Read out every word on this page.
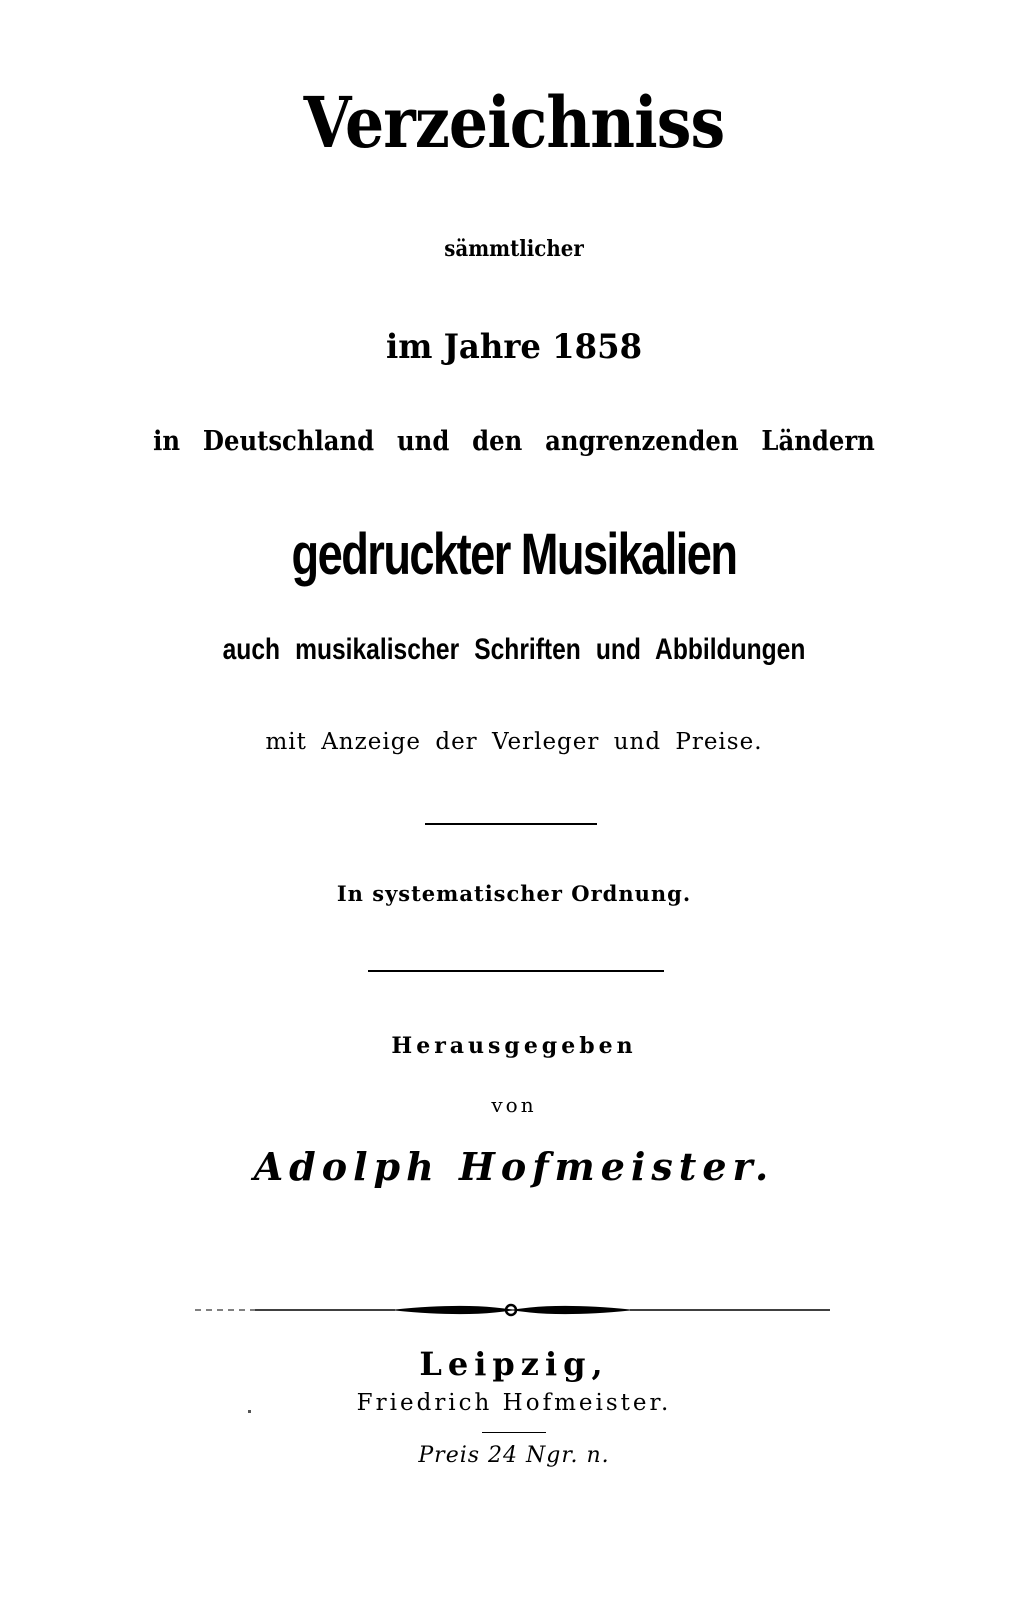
Verzeichniss
sämmtlicher
im Jahre 1858
in Deutschland und den angrenzenden Ländern
gedruckter Musikalien
auch musikalischer Schriften und Abbildungen
mit Anzeige der Verleger und Preise.
In systematischer Ordnung.
Herausgegeben
von
Adolph Hofmeister.
Leipzig,
Friedrich Hofmeister.
Preis 24 Ngr. n.
